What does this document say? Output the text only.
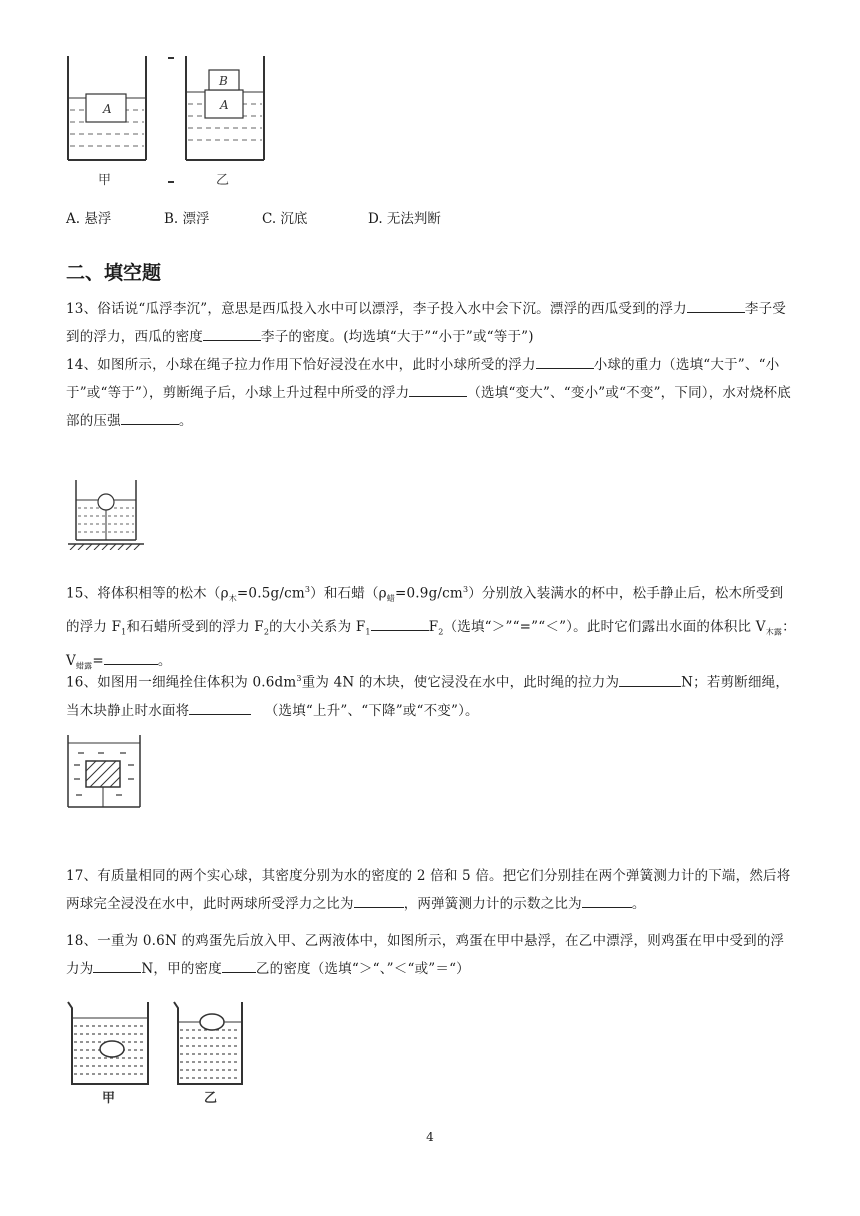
A
甲
A
B
乙
A. 悬浮	B. 漂浮	C. 沉底	D. 无法判断
二、填空题
13、俗话说“瓜浮李沉”，意思是西瓜投入水中可以漂浮，李子投入水中会下沉。漂浮的西瓜受到的浮力	李子受到的浮力，西瓜的密度	李子的密度。(均选填“大于”“小于”或“等于”)
14、如图所示，小球在绳子拉力作用下恰好浸没在水中，此时小球所受的浮力	小球的重力（选填“大于”、“小于”或“等于”），剪断绳子后，小球上升过程中所受的浮力	（选填“变大”、“变小”或“不变”，下同），水对烧杯底部的压强	。
15、将体积相等的松木$(\rho_木=0.5g/cm^3)$和石蜡$(\rho_蜡=0.9g/cm^3)$分别放入装满水的杯中，松手静止后，松木所受到的浮力 $F_1$和石蜡所受到的浮力 $F_2$的大小关系为 $F_1$	$F_2$（选填“＞”“=”“＜”）。此时它们露出水面的体积比 $V_{木露}$：$V_{蜡露}=$	。
16、如图用一细绳拴住体积为 $0.6dm^3$重为 4N 的木块，使它浸没在水中，此时绳的拉力为	N；若剪断细绳，当木块静止时水面将	（选填“上升”、“下降”或“不变”）。
17、有质量相同的两个实心球，其密度分别为水的密度的 2 倍和 5 倍。把它们分别挂在两个弹簧测力计的下端，然后将两球完全浸没在水中，此时两球所受浮力之比为	，两弹簧测力计的示数之比为	。
18、一重为 0.6N 的鸡蛋先后放入甲、乙两液体中，如图所示，鸡蛋在甲中悬浮，在乙中漂浮，则鸡蛋在甲中受到的浮力为	N，甲的密度	乙的密度（选填“＞“、”＜“或”＝“）
甲	乙
4
